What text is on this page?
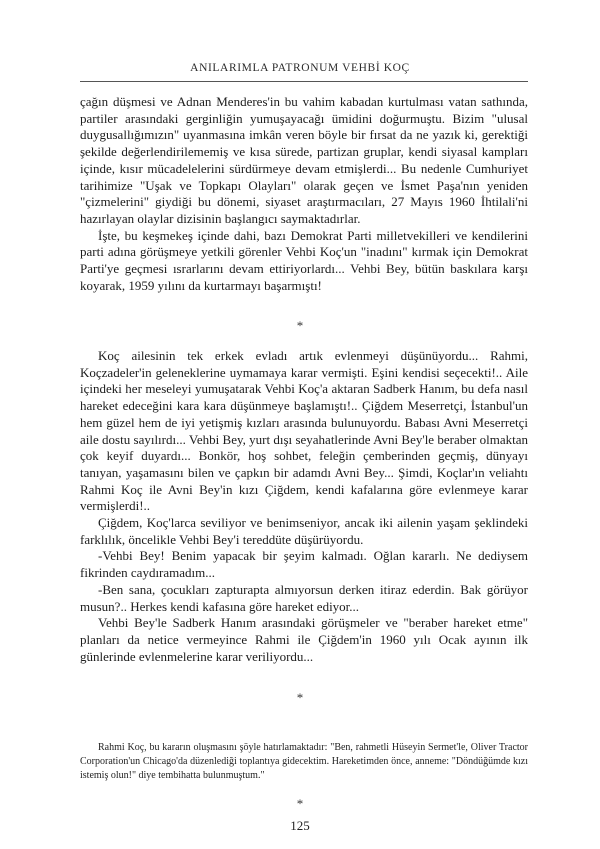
ANILARIMLA PATRONUM VEHBİ KOÇ

çağın düşmesi ve Adnan Menderes'in bu vahim kabadan kurtulması vatan sathında, partiler arasındaki gerginliğin yumuşayacağı ümidini doğurmuştu. Bizim "ulusal duygusallığımızın" uyanmasına imkân veren böyle bir fırsat da ne yazık ki, gerektiği şekilde değerlendirilememiş ve kısa sürede, partizan gruplar, kendi siyasal kampları içinde, kısır mücadelelerini sürdürmeye devam etmişlerdi... Bu nedenle Cumhuriyet tarihimize "Uşak ve Topkapı Olayları" olarak geçen ve İsmet Paşa'nın yeniden "çizmelerini" giydiği bu dönemi, siyaset araştırmacıları, 27 Mayıs 1960 İhtilali'ni hazırlayan olaylar dizisinin başlangıcı saymaktadırlar.

İşte, bu keşmekeş içinde dahi, bazı Demokrat Parti milletvekilleri ve kendilerini parti adına görüşmeye yetkili görenler Vehbi Koç'un "inadını" kırmak için Demokrat Parti'ye geçmesi ısrarlarını devam ettiriyorlardı... Vehbi Bey, bütün baskılara karşı koyarak, 1959 yılını da kurtarmayı başarmıştı!

*

Koç ailesinin tek erkek evladı artık evlenmeyi düşünüyordu... Rahmi, Koçzadeler'in geleneklerine uymamaya karar vermişti. Eşini kendisi seçecekti!.. Aile içindeki her meseleyi yumuşatarak Vehbi Koç'a aktaran Sadberk Hanım, bu defa nasıl hareket edeceğini kara kara düşünmeye başlamıştı!.. Çiğdem Meserretçi, İstanbul'un hem güzel hem de iyi yetişmiş kızları arasında bulunuyordu. Babası Avni Meserretçi aile dostu sayılırdı... Vehbi Bey, yurt dışı seyahatlerinde Avni Bey'le beraber olmaktan çok keyif duyardı... Bonkör, hoş sohbet, feleğin çemberinden geçmiş, dünyayı tanıyan, yaşamasını bilen ve çapkın bir adamdı Avni Bey... Şimdi, Koçlar'ın veliahtı Rahmi Koç ile Avni Bey'in kızı Çiğdem, kendi kafalarına göre evlenmeye karar vermişlerdi!..

Çiğdem, Koç'larca seviliyor ve benimseniyor, ancak iki ailenin yaşam şeklindeki farklılık, öncelikle Vehbi Bey'i tereddüte düşürüyordu.

-Vehbi Bey! Benim yapacak bir şeyim kalmadı. Oğlan kararlı. Ne dediysem fikrinden caydıramadım...

-Ben sana, çocukları zapturapta almıyorsun derken itiraz ederdin. Bak görüyor musun?.. Herkes kendi kafasına göre hareket ediyor...

Vehbi Bey'le Sadberk Hanım arasındaki görüşmeler ve "beraber hareket etme" planları da netice vermeyince Rahmi ile Çiğdem'in 1960 yılı Ocak ayının ilk günlerinde evlenmelerine karar veriliyordu...

*

Rahmi Koç, bu kararın oluşmasını şöyle hatırlamaktadır: "Ben, rahmetli Hüseyin Sermet'le, Oliver Tractor Corporation'un Chicago'da düzenlediği toplantıya gidecektim. Hareketimden önce, anneme: "Döndüğümde kızı istemiş olun!" diye tembihatta bulunmuştum."

*
125
